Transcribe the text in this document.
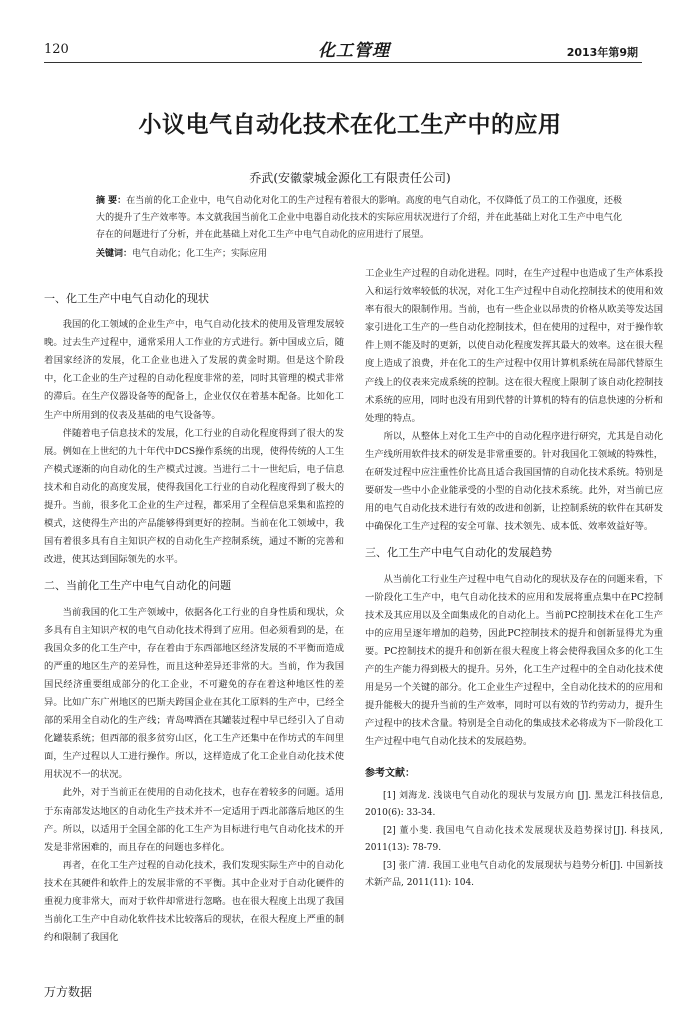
120	化工管理	2013年第9期
小议电气自动化技术在化工生产中的应用
乔武(安徽蒙城金源化工有限责任公司)
摘 要：在当前的化工企业中，电气自动化对化工的生产过程有着很大的影响。高度的电气自动化，不仅降低了员工的工作强度，还极大的提升了生产效率等。本文就我国当前化工企业中电器自动化技术的实际应用状况进行了介绍，并在此基础上对化工生产中电气化存在的问题进行了分析，并在此基础上对化工生产中电气自动化的应用进行了展望。
关键词：电气自动化；化工生产；实际应用
一、化工生产中电气自动化的现状

我国的化工领域的企业生产中，电气自动化技术的使用及管理发展较晚。过去生产过程中，通常采用人工作业的方式进行。新中国成立后，随着国家经济的发展，化工企业也进入了发展的黄金时期。但是这个阶段中，化工企业的生产过程的自动化程度非常的差，同时其管理的模式非常的滞后。在生产仪器设备等的配备上，企业仅仅在着基本配备。比如化工生产中所用到的仪表及基础的电气设备等。

伴随着电子信息技术的发展，化工行业的自动化程度得到了很大的发展。例如在上世纪的九十年代中DCS操作系统的出现，使得传统的人工生产模式逐渐的向自动化的生产模式过渡。当进行二十一世纪后，电子信息技术和自动化的高度发展，使得我国化工行业的自动化程度得到了极大的提升。当前，很多化工企业的生产过程，都采用了全程信息采集和监控的模式，这使得生产出的产品能够得到更好的控制。当前在化工领域中，我国有着很多具有自主知识产权的自动化生产控制系统，通过不断的完善和改进，使其达到国际领先的水平。

二、当前化工生产中电气自动化的问题

当前我国的化工生产领域中，依据各化工行业的自身性质和现状，众多具有自主知识产权的电气自动化技术得到了应用。但必须看到的是，在我国众多的化工生产中，存在着由于东西部地区经济发展的不平衡而造成的严重的地区生产的差异性，而且这种差异还非常的大。当前，作为我国国民经济重要组成部分的化工企业，不可避免的存在着这种地区性的差异。比如广东广州地区的巴斯夫跨国企业在其化工原料的生产中，已经全部的采用全自动化的生产线；青岛啤酒在其罐装过程中早已经引入了自动化罐装系统；但西部的很多贫穷山区，化工生产还集中在作坊式的车间里面，生产过程以人工进行操作。所以，这样造成了化工企业自动化技术使用状况不一的状况。

此外，对于当前正在使用的自动化技术，也存在着较多的问题。适用于东南部发达地区的自动化生产技术并不一定适用于西北部落后地区的生产。所以，以适用于全国全部的化工生产为目标进行电气自动化技术的开发是非常困难的，而且存在的问题也多样化。

再者，在化工生产过程的自动化技术，我们发现实际生产中的自动化技术在其硬件和软件上的发展非常的不平衡。其中企业对于自动化硬件的重视力度非常大，而对于软件却常进行忽略。也在很大程度上出现了我国当前化工生产中自动化软件技术比较落后的现状，在很大程度上严重的制约和限制了我国化

工企业生产过程的自动化进程。同时，在生产过程中也造成了生产体系投入和运行效率较低的状况，对化工生产过程中自动化控制技术的使用和效率有很大的限制作用。当前，也有一些企业以昂贵的价格从欧美等发达国家引进化工生产的一些自动化控制技术，但在使用的过程中，对于操作软件上则不能及时的更新，以使自动化程度发挥其最大的效率。这在很大程度上造成了浪费，并在化工的生产过程中仅用计算机系统在局部代替原生产线上的仪表来完成系统的控制。这在很大程度上限制了该自动化控制技术系统的应用，同时也没有用到代替的计算机的特有的信息快速的分析和处理的特点。

所以，从整体上对化工生产中的自动化程序进行研究，尤其是自动化生产线所用软件技术的研发是非常重要的。针对我国化工领域的特殊性，在研发过程中应注重性价比高且适合我国国情的自动化技术系统。特别是要研发一些中小企业能承受的小型的自动化技术系统。此外，对当前已应用的电气自动化技术进行有效的改进和创新，让控制系统的软件在其研发中确保化工生产过程的安全可靠、技术领先、成本低、效率效益好等。

三、化工生产中电气自动化的发展趋势

从当前化工行业生产过程中电气自动化的现状及存在的问题来看，下一阶段化工生产中，电气自动化技术的应用和发展将重点集中在PC控制技术及其应用以及全面集成化的自动化上。当前PC控制技术在化工生产中的应用呈逐年增加的趋势，因此PC控制技术的提升和创新显得尤为重要。PC控制技术的提升和创新在很大程度上将会使得我国众多的化工生产的生产能力得到极大的提升。另外，化工生产过程中的全自动化技术使用是另一个关键的部分。化工企业生产过程中，全自动化技术的的应用和提升能极大的提升当前的生产效率，同时可以有效的节约劳动力，提升生产过程中的技术含量。特别是全自动化的集成技术必将成为下一阶段化工生产过程中电气自动化技术的发展趋势。

参考文献：

[1] 刘海龙. 浅谈电气自动化的现状与发展方向 [J]. 黑龙江科技信息, 2010(6): 33-34.

[2] 董小斐. 我国电气自动化技术发展现状及趋势探讨[J]. 科技风, 2011(13): 78-79.

[3] 张广清. 我国工业电气自动化的发展现状与趋势分析[J]. 中国新技术新产品, 2011(11): 104.

万方数据
